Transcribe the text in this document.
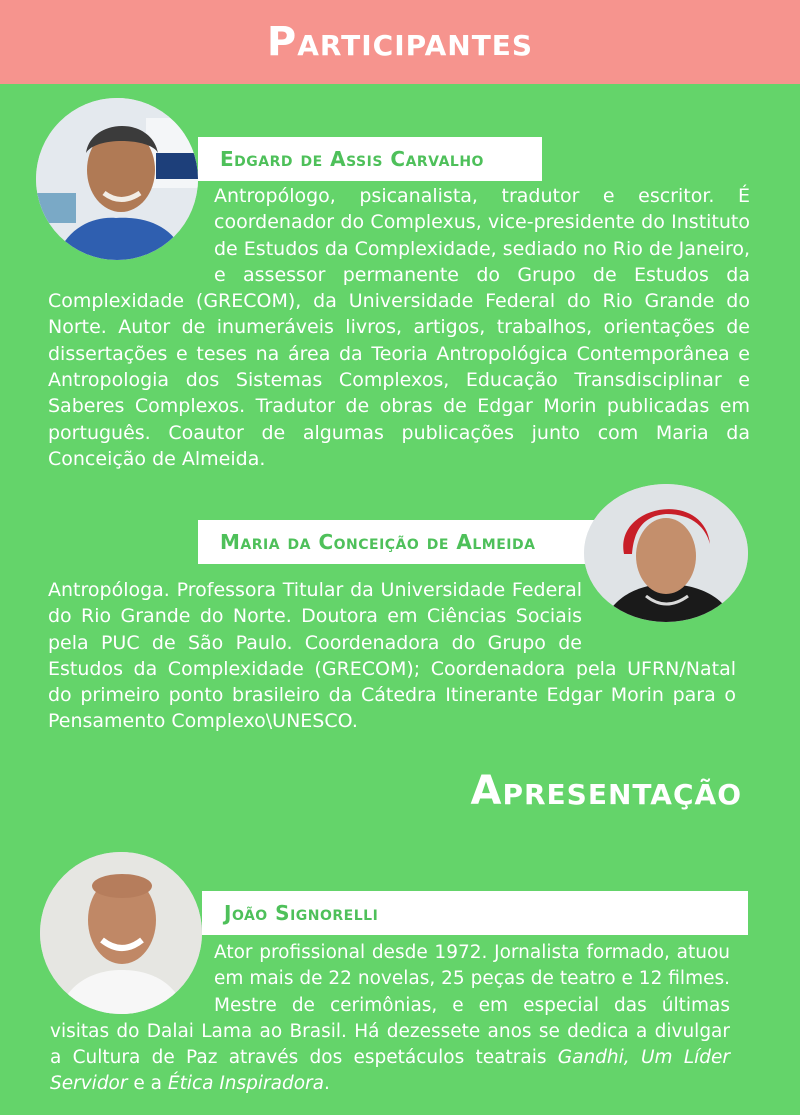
Participantes
Edgard de Assis Carvalho
Antropólogo, psicanalista, tradutor e escritor. É coordenador do Complexus, vice-presidente do Instituto de Estudos da Complexidade, sediado no Rio de Janeiro, e assessor permanente do Grupo de Estudos da Complexidade (GRECOM), da Universidade Federal do Rio Grande do Norte. Autor de inumeráveis livros, artigos, trabalhos, orientações de dissertações e teses na área da Teoria Antropológica Contemporânea e Antropologia dos Sistemas Complexos, Educação Transdisciplinar e Saberes Complexos. Tradutor de obras de Edgar Morin publicadas em português. Coautor de algumas publicações junto com Maria da Conceição de Almeida.
Maria da Conceição de Almeida
Antropóloga. Professora Titular da Universidade Federal do Rio Grande do Norte. Doutora em Ciências Sociais pela PUC de São Paulo. Coordenadora do Grupo de Estudos da Complexidade (GRECOM); Coordenadora pela UFRN/Natal do primeiro ponto brasileiro da Cátedra Itinerante Edgar Morin para o Pensamento Complexo\UNESCO.
Apresentação
João Signorelli
Ator profissional desde 1972. Jornalista formado, atuou em mais de 22 novelas, 25 peças de teatro e 12 filmes. Mestre de cerimônias, e em especial das últimas visitas do Dalai Lama ao Brasil. Há dezessete anos se dedica a divulgar a Cultura de Paz através dos espetáculos teatrais Gandhi, Um Líder Servidor e a Ética Inspiradora.
